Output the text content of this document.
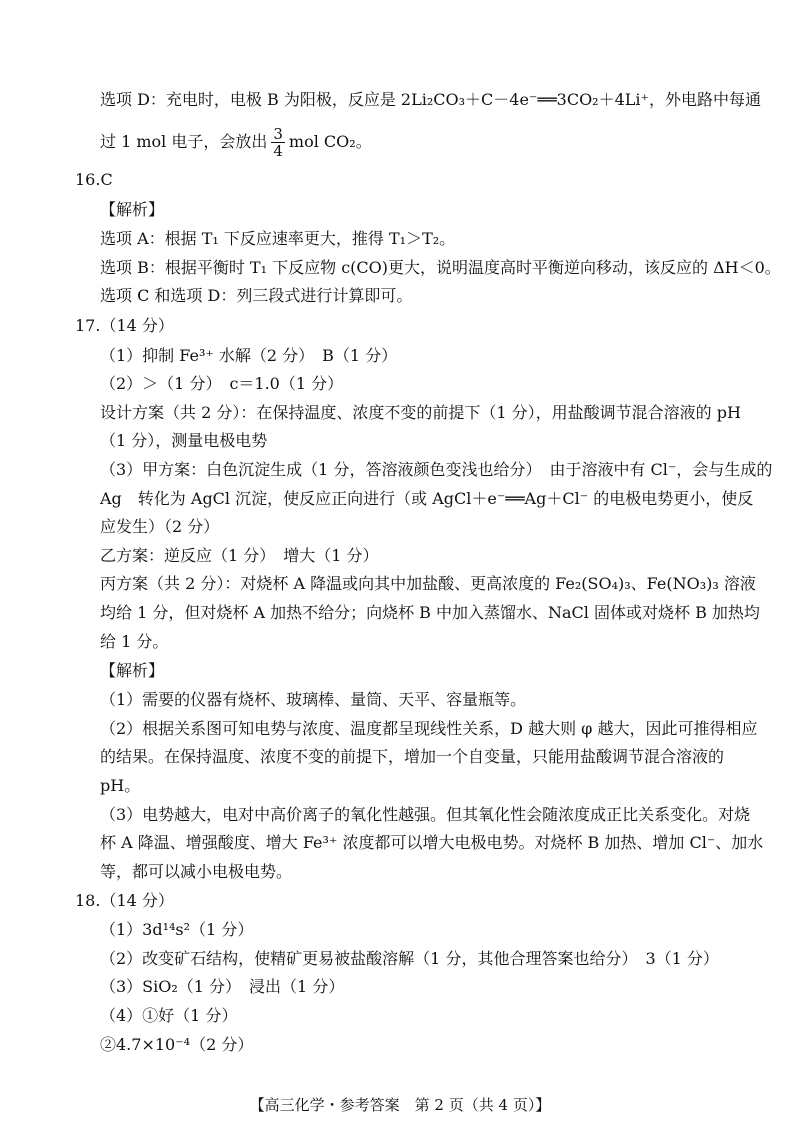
选项 D：充电时，电极 B 为阳极，反应是 2Li₂CO₃＋C－4e⁻══3CO₂＋4Li⁺，外电路中每通
过 1 mol 电子，会放出 $\frac{3}{4}$ mol CO₂。
16.C
【解析】
选项 A：根据 T₁ 下反应速率更大，推得 T₁＞T₂。
选项 B：根据平衡时 T₁ 下反应物 c(CO)更大，说明温度高时平衡逆向移动，该反应的 ΔH＜0。
选项 C 和选项 D：列三段式进行计算即可。
17.（14 分）
（1）抑制 Fe³⁺ 水解（2 分）　B（1 分）
（2）＞（1 分）　c＝1.0（1 分）
设计方案（共 2 分）：在保持温度、浓度不变的前提下（1 分），用盐酸调节混合溶液的 pH
（1 分），测量电极电势
（3）甲方案：白色沉淀生成（1 分，答溶液颜色变浅也给分）　由于溶液中有 Cl⁻，会与生成的
Ag　转化为 AgCl 沉淀，使反应正向进行（或 AgCl＋e⁻══Ag＋Cl⁻ 的电极电势更小，使反
应发生）（2 分）
乙方案：逆反应（1 分）　增大（1 分）
丙方案（共 2 分）：对烧杯 A 降温或向其中加盐酸、更高浓度的 Fe₂(SO₄)₃、Fe(NO₃)₃ 溶液
均给 1 分，但对烧杯 A 加热不给分；向烧杯 B 中加入蒸馏水、NaCl 固体或对烧杯 B 加热均
给 1 分。
【解析】
（1）需要的仪器有烧杯、玻璃棒、量筒、天平、容量瓶等。
（2）根据关系图可知电势与浓度、温度都呈现线性关系，D 越大则 φ 越大，因此可推得相应
的结果。在保持温度、浓度不变的前提下，增加一个自变量，只能用盐酸调节混合溶液的
pH。
（3）电势越大，电对中高价离子的氧化性越强。但其氧化性会随浓度成正比关系变化。对烧
杯 A 降温、增强酸度、增大 Fe³⁺ 浓度都可以增大电极电势。对烧杯 B 加热、增加 Cl⁻、加水
等，都可以减小电极电势。
18.（14 分）
（1）3d¹⁴s²（1 分）
（2）改变矿石结构，使精矿更易被盐酸溶解（1 分，其他合理答案也给分）　3（1 分）
（3）SiO₂（1 分）　浸出（1 分）
（4）①好（1 分）
②4.7×10⁻⁴（2 分）
【高三化学・参考答案　第 2 页（共 4 页）】
